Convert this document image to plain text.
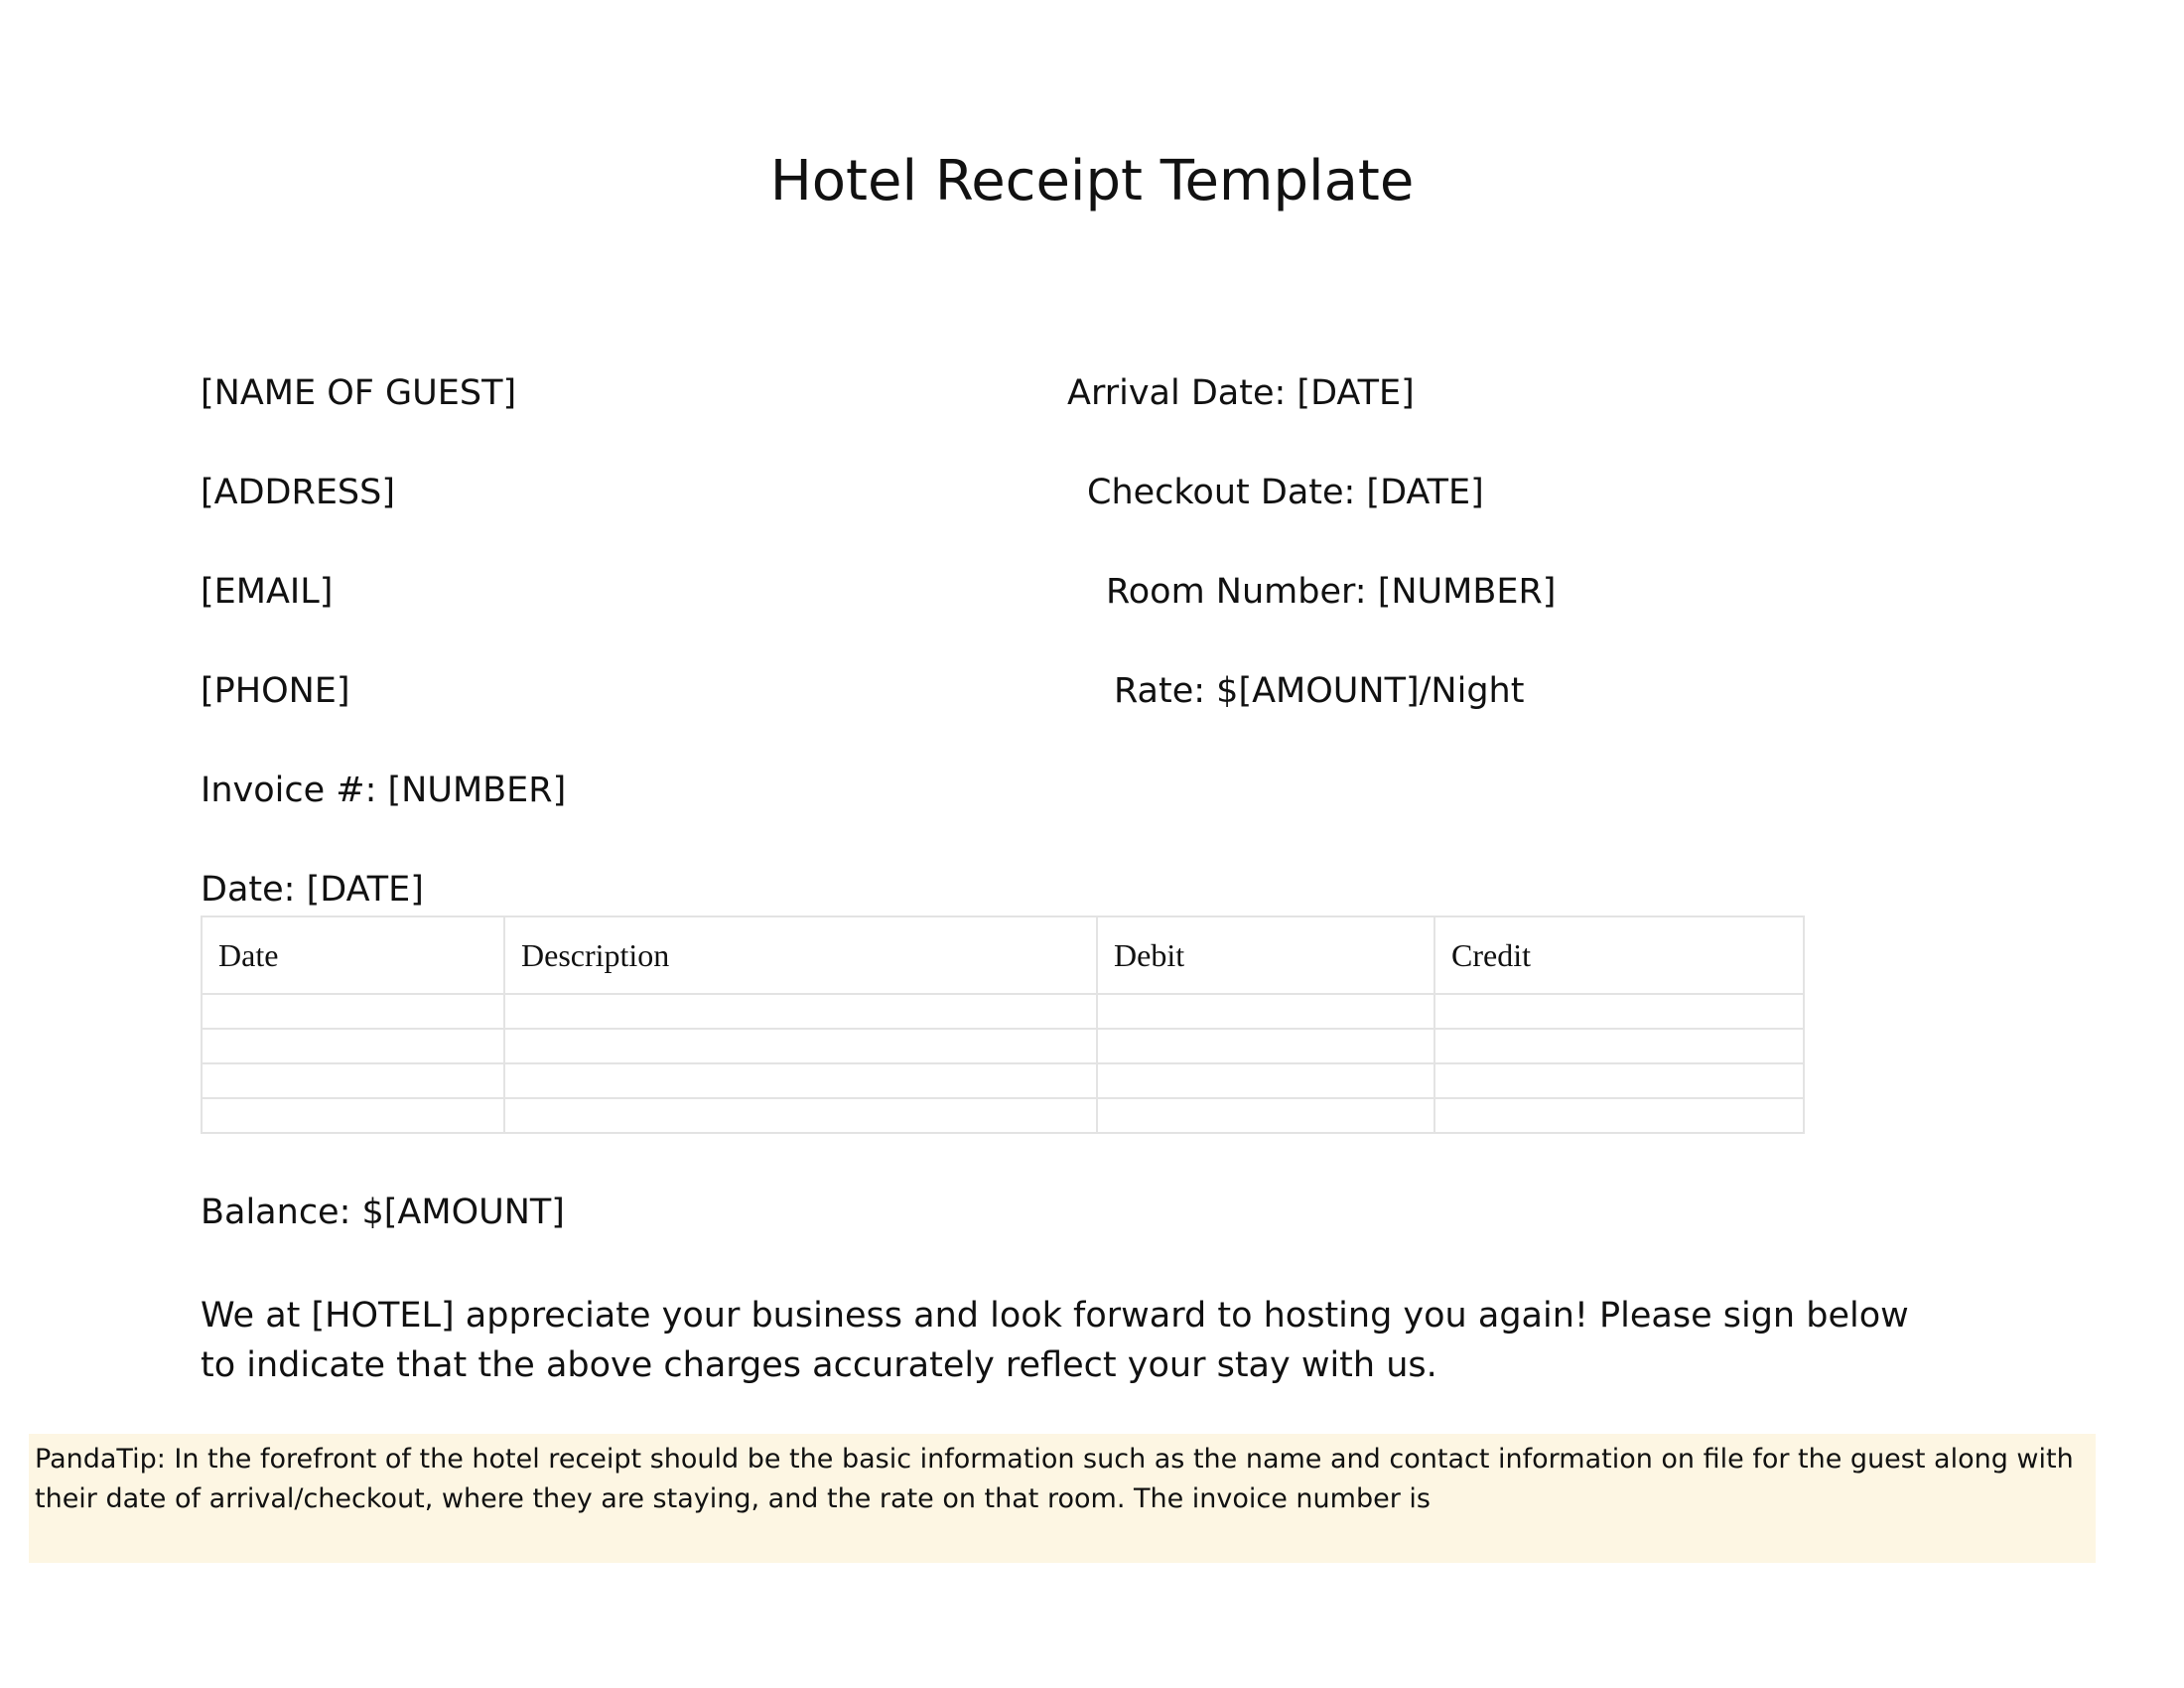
Hotel Receipt Template
[NAME OF GUEST]
[ADDRESS]
[EMAIL]
[PHONE]
Invoice #: [NUMBER]
Date: [DATE]
Arrival Date: [DATE]
Checkout Date: [DATE]
Room Number: [NUMBER]
Rate: $[AMOUNT]/Night
Date	Description	Debit	Credit

Balance: $[AMOUNT]

We at [HOTEL] appreciate your business and look forward to hosting you again! Please sign below to indicate that the above charges accurately reflect your stay with us.

PandaTip: In the forefront of the hotel receipt should be the basic information such as the name and contact information on file for the guest along with their date of arrival/checkout, where they are staying, and the rate on that room. The invoice number is
